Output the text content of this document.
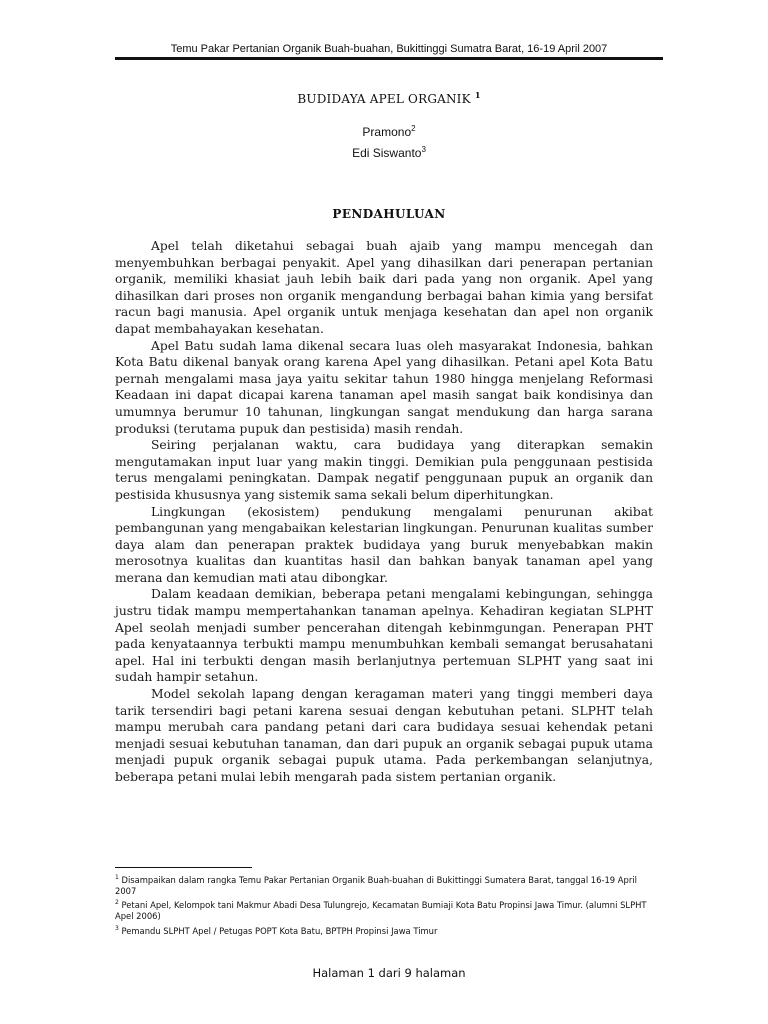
Temu Pakar Pertanian Organik Buah-buahan, Bukittinggi Sumatra Barat, 16-19 April 2007
BUDIDAYA APEL ORGANIK $^1$
Pramono$^2$
Edi Siswanto$^3$
PENDAHULUAN

Apel telah diketahui sebagai buah ajaib yang mampu mencegah dan menyembuhkan berbagai penyakit. Apel yang dihasilkan dari penerapan pertanian organik, memiliki khasiat jauh lebih baik dari pada yang non organik. Apel yang dihasilkan dari proses non organik mengandung berbagai bahan kimia yang bersifat racun bagi manusia. Apel organik untuk menjaga kesehatan dan apel non organik dapat membahayakan kesehatan.

Apel Batu sudah lama dikenal secara luas oleh masyarakat Indonesia, bahkan Kota Batu dikenal banyak orang karena Apel yang dihasilkan. Petani apel Kota Batu pernah mengalami masa jaya yaitu sekitar tahun 1980 hingga menjelang Reformasi Keadaan ini dapat dicapai karena tanaman apel masih sangat baik kondisinya dan umumnya berumur 10 tahunan, lingkungan sangat mendukung dan harga sarana produksi (terutama pupuk dan pestisida) masih rendah.

Seiring perjalanan waktu, cara budidaya yang diterapkan semakin mengutamakan input luar yang makin tinggi. Demikian pula penggunaan pestisida terus mengalami peningkatan. Dampak negatif penggunaan pupuk an organik dan pestisida khususnya yang sistemik sama sekali belum diperhitungkan.

Lingkungan (ekosistem) pendukung mengalami penurunan akibat pembangunan yang mengabaikan kelestarian lingkungan. Penurunan kualitas sumber daya alam dan penerapan praktek budidaya yang buruk menyebabkan makin merosotnya kualitas dan kuantitas hasil dan bahkan banyak tanaman apel yang merana dan kemudian mati atau dibongkar.

Dalam keadaan demikian, beberapa petani mengalami kebingungan, sehingga justru tidak mampu mempertahankan tanaman apelnya. Kehadiran kegiatan SLPHT Apel seolah menjadi sumber pencerahan ditengah kebinmgungan. Penerapan PHT pada kenyataannya terbukti mampu menumbuhkan kembali semangat berusahatani apel. Hal ini terbukti dengan masih berlanjutnya pertemuan SLPHT yang saat ini sudah hampir setahun.

Model sekolah lapang dengan keragaman materi yang tinggi memberi daya tarik tersendiri bagi petani karena sesuai dengan kebutuhan petani. SLPHT telah mampu merubah cara pandang petani dari cara budidaya sesuai kehendak petani menjadi sesuai kebutuhan tanaman, dan dari pupuk an organik sebagai pupuk utama menjadi pupuk organik sebagai pupuk utama. Pada perkembangan selanjutnya, beberapa petani mulai lebih mengarah pada sistem pertanian organik.

$^1$ Disampaikan dalam rangka Temu Pakar Pertanian Organik Buah-buahan di Bukittinggi Sumatera Barat, tanggal 16-19 April 2007

$^2$ Petani Apel, Kelompok tani Makmur Abadi Desa Tulungrejo, Kecamatan Bumiaji Kota Batu Propinsi Jawa Timur. (alumni SLPHT Apel 2006)

$^3$ Pemandu SLPHT Apel / Petugas POPT Kota Batu, BPTPH Propinsi Jawa Timur

Halaman 1 dari 9 halaman
